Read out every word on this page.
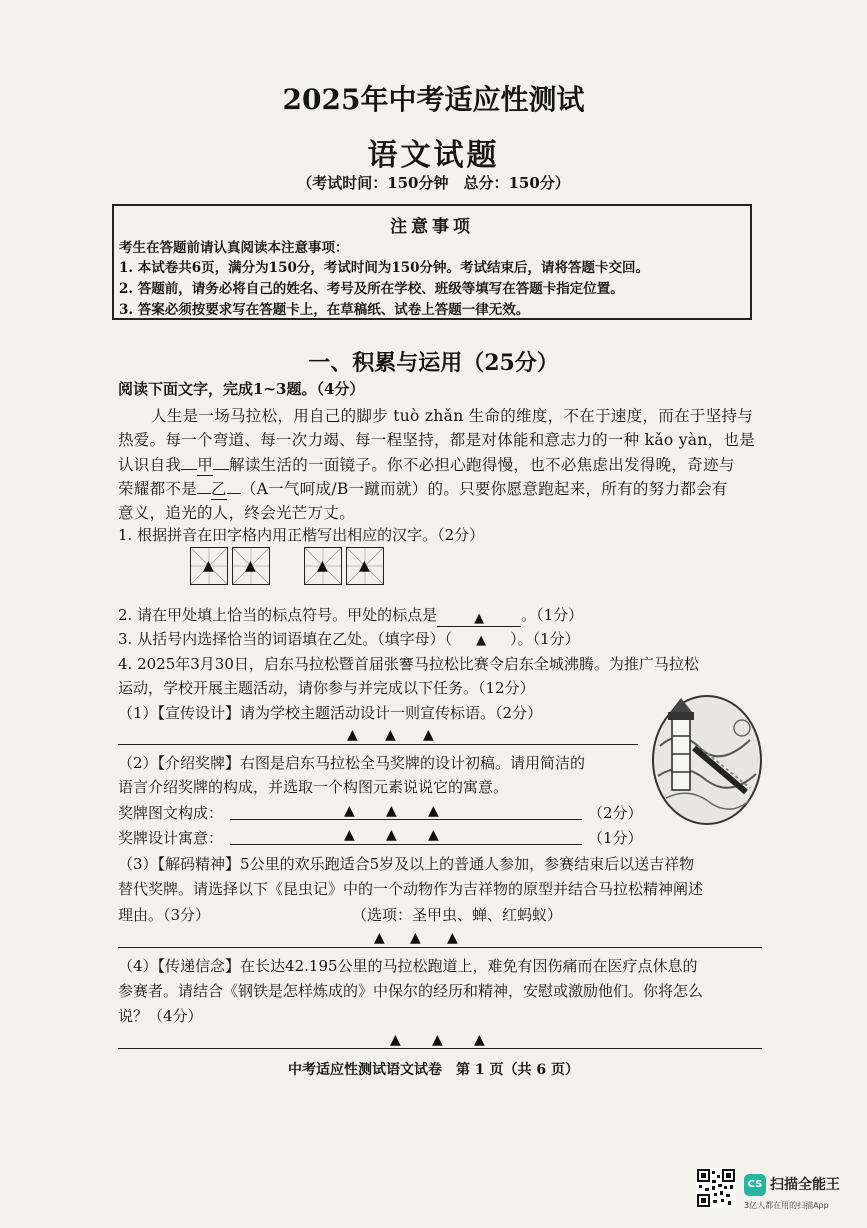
2025年中考适应性测试
语文试题
（考试时间：150分钟　总分：150分）
注意事项
考生在答题前请认真阅读本注意事项：
1. 本试卷共6页，满分为150分，考试时间为150分钟。考试结束后，请将答题卡交回。
2. 答题前，请务必将自己的姓名、考号及所在学校、班级等填写在答题卡指定位置。
3. 答案必须按要求写在答题卡上，在草稿纸、试卷上答题一律无效。
一、积累与运用（25分）
阅读下面文字，完成1~3题。（4分）
人生是一场马拉松，用自己的脚步 tuò zhǎn 生命的维度，不在于速度，而在于坚持与
热爱。每一个弯道、每一次力竭、每一程坚持，都是对体能和意志力的一种 kǎo yàn，也是
认识自我 甲 解读生活的一面镜子。你不必担心跑得慢，也不必焦虑出发得晚，奇迹与
荣耀都不是 乙 （A一气呵成/B一蹴而就）的。只要你愿意跑起来，所有的努力都会有
意义，追光的人，终会光芒万丈。
1. 根据拼音在田字格内用正楷写出相应的汉字。（2分）
▲ ▲	▲ ▲
2. 请在甲处填上恰当的标点符号。甲处的标点是	▲ 。（1分）
3. 从括号内选择恰当的词语填在乙处。（填字母）（ ▲ ）。（1分）
4. 2025年3月30日，启东马拉松暨首届张謇马拉松比赛令启东全城沸腾。为推广马拉松
运动，学校开展主题活动，请你参与并完成以下任务。（12分）
（1）【宣传设计】请为学校主题活动设计一则宣传标语。（2分）
▲ ▲ ▲
（2）【介绍奖牌】右图是启东马拉松全马奖牌的设计初稿。请用简洁的
语言介绍奖牌的构成，并选取一个构图元素说说它的寓意。
奖牌图文构成：	▲ ▲ ▲	（2分）
奖牌设计寓意：	▲ ▲ ▲	（1分）
（3）【解码精神】5公里的欢乐跑适合5岁及以上的普通人参加，参赛结束后以送吉祥物
替代奖牌。请选择以下《昆虫记》中的一个动物作为吉祥物的原型并结合马拉松精神阐述
理由。（3分）	（选项：圣甲虫、蝉、红蚂蚁）
▲ ▲ ▲
（4）【传递信念】在长达42.195公里的马拉松跑道上，难免有因伤痛而在医疗点休息的
参赛者。请结合《钢铁是怎样炼成的》中保尔的经历和精神，安慰或激励他们。你将怎么
说？（4分）
▲ ▲ ▲
中考适应性测试语文试卷　第 1 页（共 6 页）
CS 扫描全能王
3亿人都在用的扫描App
